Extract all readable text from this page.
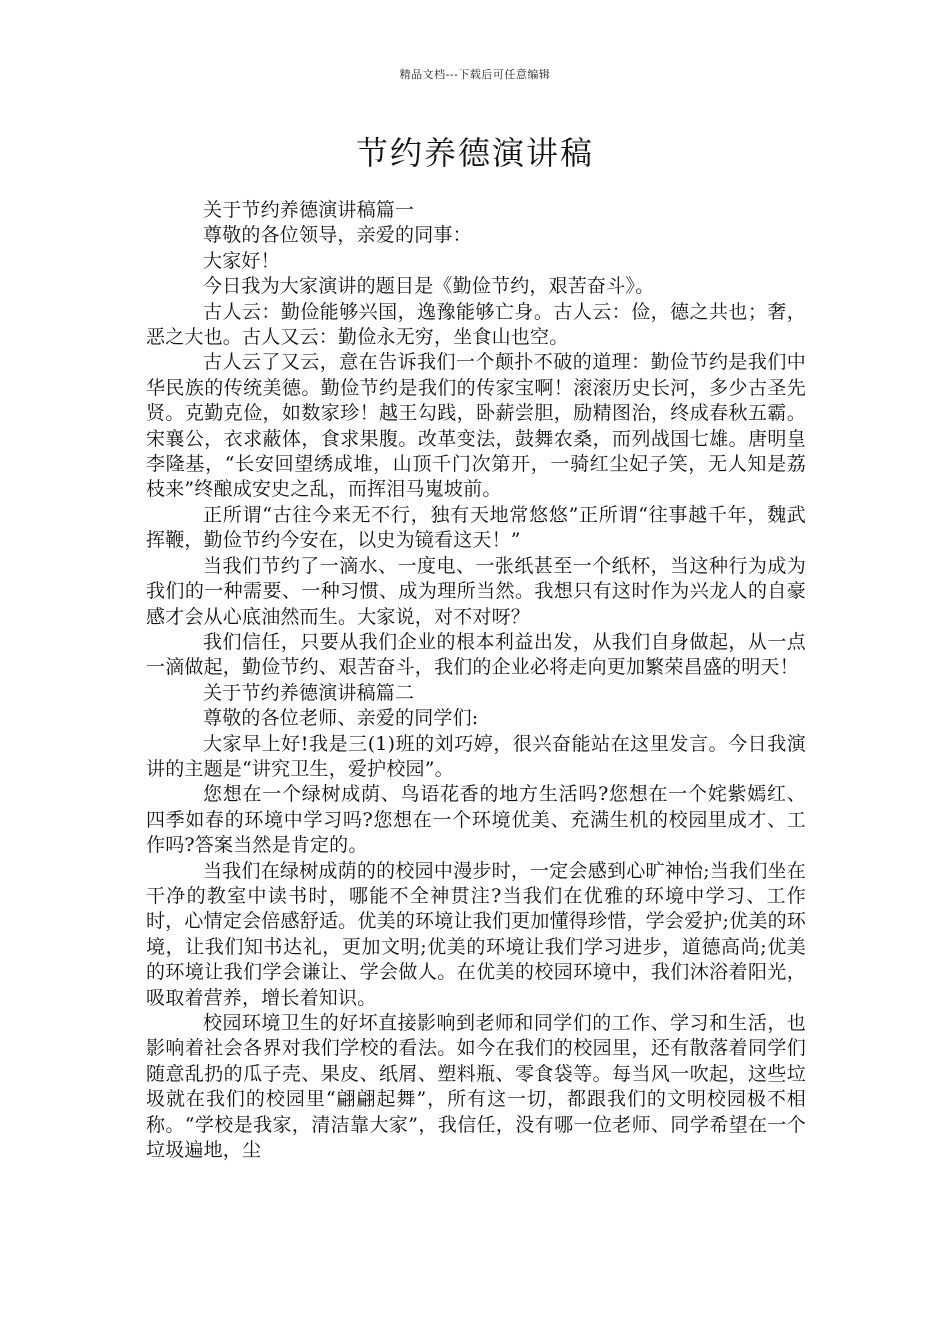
精品文档---下载后可任意编辑
节约养德演讲稿

关于节约养德演讲稿篇一

尊敬的各位领导，亲爱的同事：

大家好！

今日我为大家演讲的题目是《勤俭节约，艰苦奋斗》。

古人云：勤俭能够兴国，逸豫能够亡身。古人云：俭，德之共也；奢，恶之大也。古人又云：勤俭永无穷，坐食山也空。

古人云了又云，意在告诉我们一个颠扑不破的道理：勤俭节约是我们中华民族的传统美德。勤俭节约是我们的传家宝啊！滚滚历史长河，多少古圣先贤。克勤克俭，如数家珍！越王勾践，卧薪尝胆，励精图治，终成春秋五霸。宋襄公，衣求蔽体，食求果腹。改革变法，鼓舞农桑，而列战国七雄。唐明皇李隆基，“长安回望绣成堆，山顶千门次第开，一骑红尘妃子笑，无人知是荔枝来”终酿成安史之乱，而挥泪马嵬坡前。

正所谓“古往今来无不行，独有天地常悠悠”正所谓“往事越千年，魏武挥鞭，勤俭节约今安在，以史为镜看这天！”

当我们节约了一滴水、一度电、一张纸甚至一个纸杯，当这种行为成为我们的一种需要、一种习惯、成为理所当然。我想只有这时作为兴龙人的自豪感才会从心底油然而生。大家说，对不对呀？

我们信任，只要从我们企业的根本利益出发，从我们自身做起，从一点一滴做起，勤俭节约、艰苦奋斗，我们的企业必将走向更加繁荣昌盛的明天！

关于节约养德演讲稿篇二

尊敬的各位老师、亲爱的同学们:

大家早上好!我是三(1)班的刘巧婷，很兴奋能站在这里发言。今日我演讲的主题是“讲究卫生，爱护校园”。

您想在一个绿树成荫、鸟语花香的地方生活吗?您想在一个姹紫嫣红、四季如春的环境中学习吗?您想在一个环境优美、充满生机的校园里成才、工作吗?答案当然是肯定的。

当我们在绿树成荫的的校园中漫步时，一定会感到心旷神怡;当我们坐在干净的教室中读书时，哪能不全神贯注?当我们在优雅的环境中学习、工作时，心情定会倍感舒适。优美的环境让我们更加懂得珍惜，学会爱护;优美的环境，让我们知书达礼，更加文明;优美的环境让我们学习进步，道德高尚;优美的环境让我们学会谦让、学会做人。在优美的校园环境中，我们沐浴着阳光，吸取着营养，增长着知识。

校园环境卫生的好坏直接影响到老师和同学们的工作、学习和生活，也影响着社会各界对我们学校的看法。如今在我们的校园里，还有散落着同学们随意乱扔的瓜子壳、果皮、纸屑、塑料瓶、零食袋等。每当风一吹起，这些垃圾就在我们的校园里“翩翩起舞”，所有这一切，都跟我们的文明校园极不相称。“学校是我家，清洁靠大家”，我信任，没有哪一位老师、同学希望在一个垃圾遍地，尘
